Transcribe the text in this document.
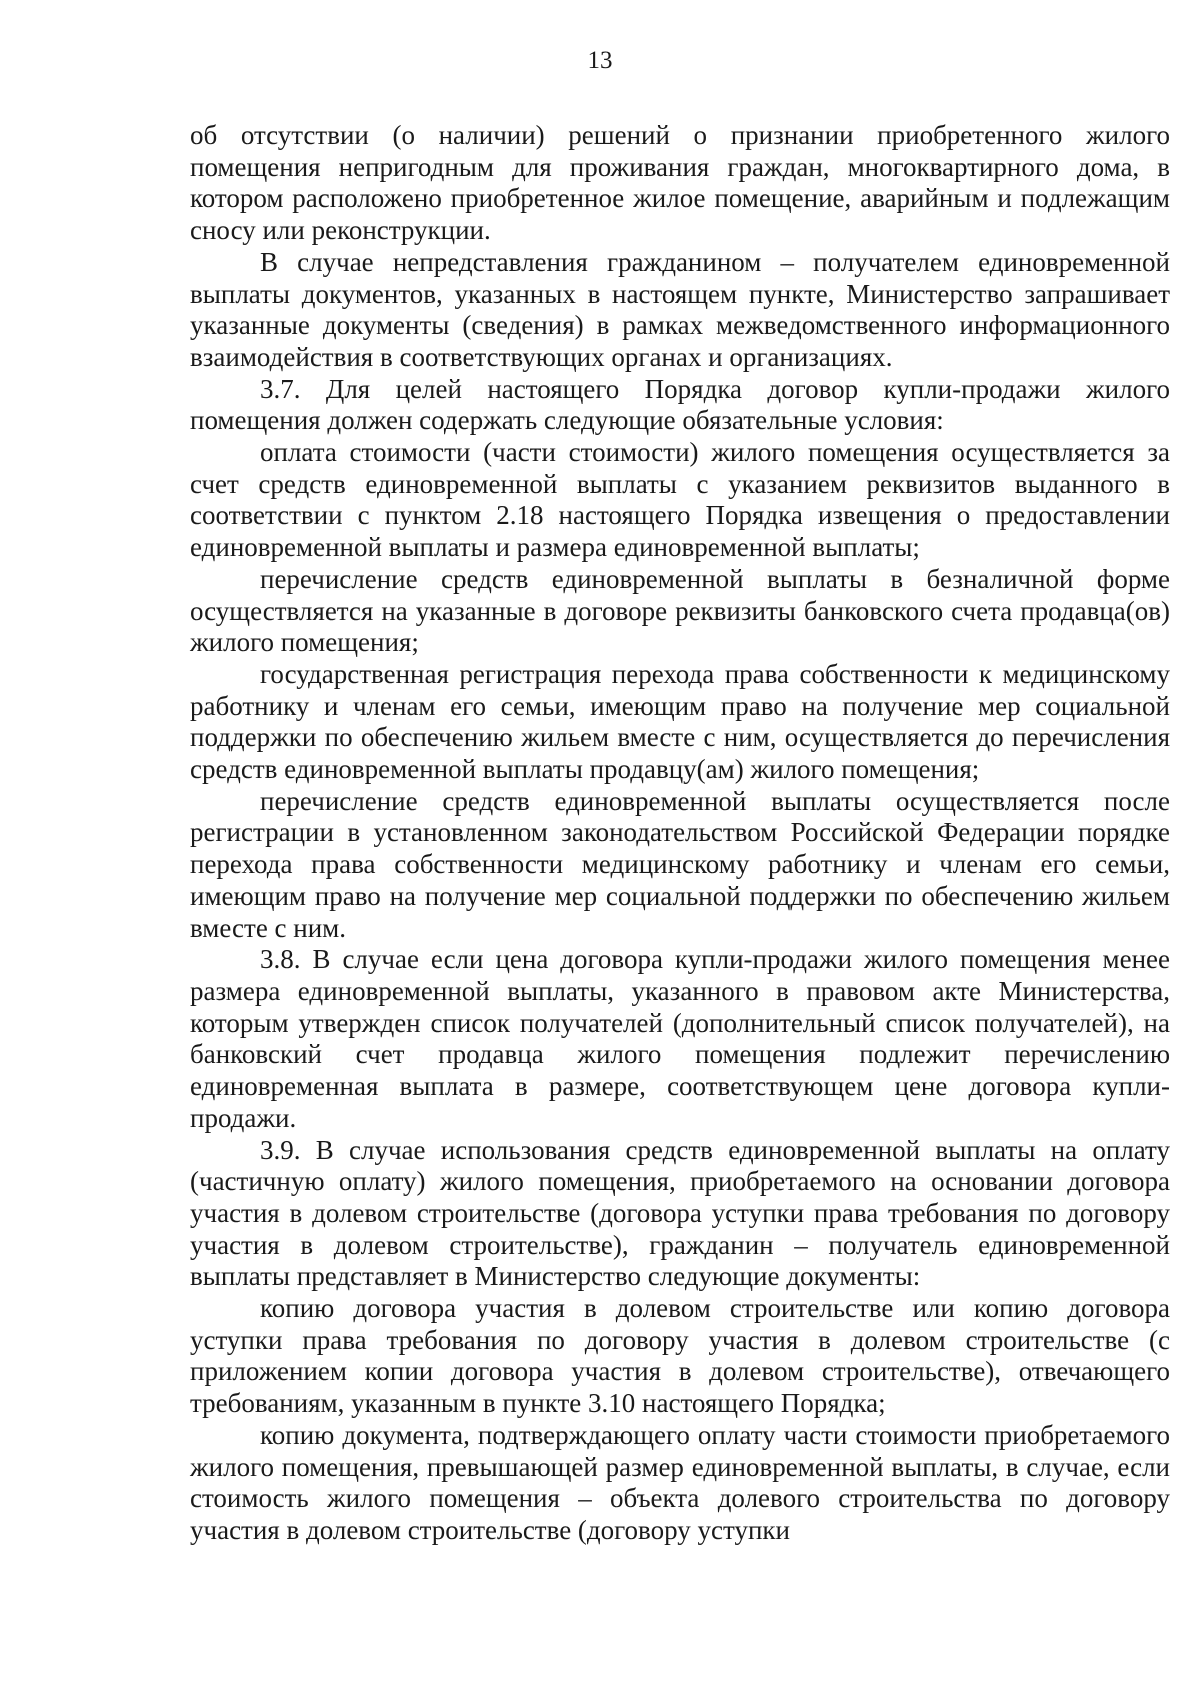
13

об отсутствии (о наличии) решений о признании приобретенного жилого помещения непригодным для проживания граждан, многоквартирного дома, в котором расположено приобретенное жилое помещение, аварийным и подлежащим сносу или реконструкции.

В случае непредставления гражданином – получателем единовременной выплаты документов, указанных в настоящем пункте, Министерство запрашивает указанные документы (сведения) в рамках межведомственного информационного взаимодействия в соответствующих органах и организациях.

3.7. Для целей настоящего Порядка договор купли-продажи жилого помещения должен содержать следующие обязательные условия:

оплата стоимости (части стоимости) жилого помещения осуществляется за счет средств единовременной выплаты с указанием реквизитов выданного в соответствии с пунктом 2.18 настоящего Порядка извещения о предоставлении единовременной выплаты и размера единовременной выплаты;

перечисление средств единовременной выплаты в безналичной форме осуществляется на указанные в договоре реквизиты банковского счета продавца(ов) жилого помещения;

государственная регистрация перехода права собственности к медицинскому работнику и членам его семьи, имеющим право на получение мер социальной поддержки по обеспечению жильем вместе с ним, осуществляется до перечисления средств единовременной выплаты продавцу(ам) жилого помещения;

перечисление средств единовременной выплаты осуществляется после регистрации в установленном законодательством Российской Федерации порядке перехода права собственности медицинскому работнику и членам его семьи, имеющим право на получение мер социальной поддержки по обеспечению жильем вместе с ним.

3.8. В случае если цена договора купли-продажи жилого помещения менее размера единовременной выплаты, указанного в правовом акте Министерства, которым утвержден список получателей (дополнительный список получателей), на банковский счет продавца жилого помещения подлежит перечислению единовременная выплата в размере, соответствующем цене договора купли-продажи.

3.9. В случае использования средств единовременной выплаты на оплату (частичную оплату) жилого помещения, приобретаемого на основании договора участия в долевом строительстве (договора уступки права требования по договору участия в долевом строительстве), гражданин – получатель единовременной выплаты представляет в Министерство следующие документы:

копию договора участия в долевом строительстве или копию договора уступки права требования по договору участия в долевом строительстве (с приложением копии договора участия в долевом строительстве), отвечающего требованиям, указанным в пункте 3.10 настоящего Порядка;

копию документа, подтверждающего оплату части стоимости приобретаемого жилого помещения, превышающей размер единовременной выплаты, в случае, если стоимость жилого помещения – объекта долевого строительства по договору участия в долевом строительстве (договору уступки
